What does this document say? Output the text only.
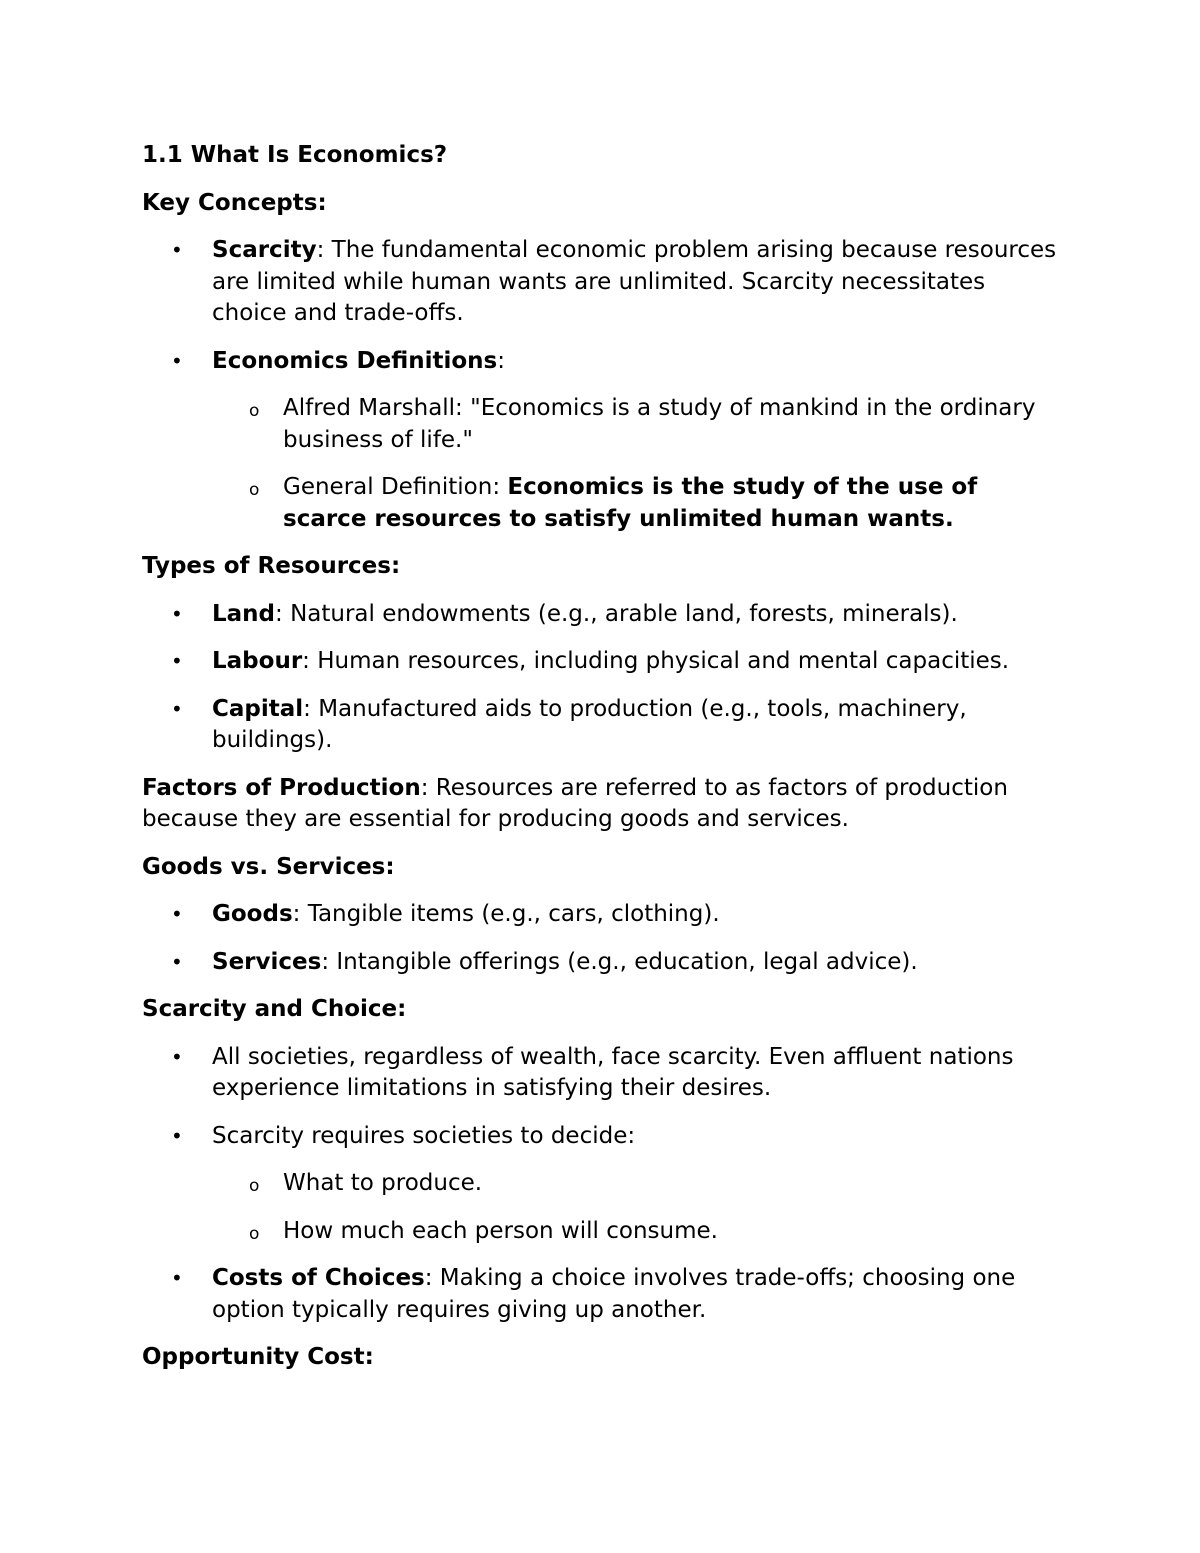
1.1 What Is Economics?
Key Concepts:
• Scarcity: The fundamental economic problem arising because resources are limited while human wants are unlimited. Scarcity necessitates choice and trade-offs.
• Economics Definitions:
o Alfred Marshall: "Economics is a study of mankind in the ordinary business of life."
o General Definition: Economics is the study of the use of scarce resources to satisfy unlimited human wants.
Types of Resources:
• Land: Natural endowments (e.g., arable land, forests, minerals).
• Labour: Human resources, including physical and mental capacities.
• Capital: Manufactured aids to production (e.g., tools, machinery, buildings).
Factors of Production: Resources are referred to as factors of production because they are essential for producing goods and services.
Goods vs. Services:
• Goods: Tangible items (e.g., cars, clothing).
• Services: Intangible offerings (e.g., education, legal advice).
Scarcity and Choice:
• All societies, regardless of wealth, face scarcity. Even affluent nations experience limitations in satisfying their desires.
• Scarcity requires societies to decide:
o What to produce.
o How much each person will consume.
• Costs of Choices: Making a choice involves trade-offs; choosing one option typically requires giving up another.
Opportunity Cost:
